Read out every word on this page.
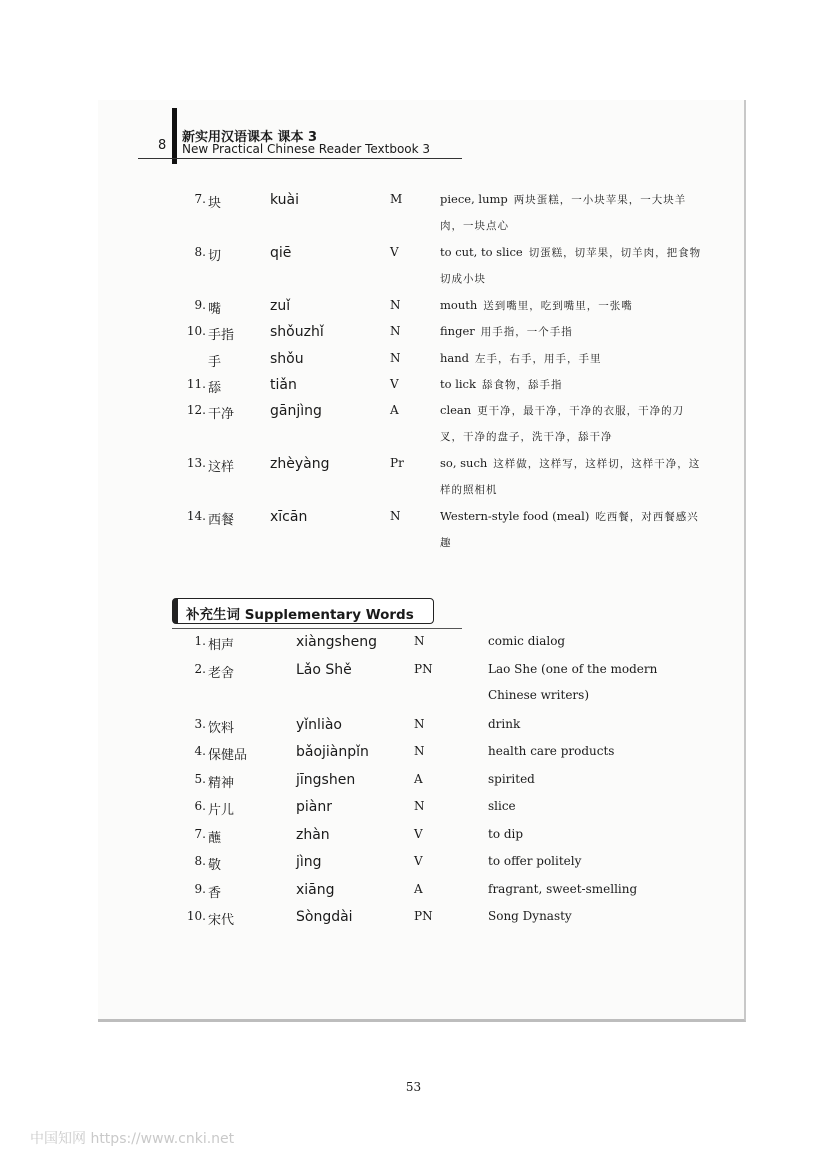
8
新实用汉语课本 课本 3
New Practical Chinese Reader Textbook 3
7. 块	kuài	M	piece, lump 两块蛋糕，一小块苹果，一大块羊肉，一块点心
8. 切	qiē	V	to cut, to slice 切蛋糕，切苹果，切羊肉，把食物切成小块
9. 嘴	zuǐ	N	mouth 送到嘴里，吃到嘴里，一张嘴
10. 手指	shǒuzhǐ	N	finger 用手指，一个手指
手	shǒu	N	hand 左手，右手，用手，手里
11. 舔	tiǎn	V	to lick 舔食物，舔手指
12. 干净	gānjìng	A	clean 更干净，最干净，干净的衣服，干净的刀叉，干净的盘子，洗干净，舔干净
13. 这样	zhèyàng	Pr	so, such 这样做，这样写，这样切，这样干净，这样的照相机
14. 西餐	xīcān	N	Western-style food (meal) 吃西餐，对西餐感兴趣
补充生词 Supplementary Words
1. 相声	xiàngsheng	N	comic dialog
2. 老舍	Lǎo Shě	PN	Lao She (one of the modern Chinese writers)
3. 饮料	yǐnliào	N	drink
4. 保健品	bǎojiànpǐn	N	health care products
5. 精神	jīngshen	A	spirited
6. 片儿	piànr	N	slice
7. 蘸	zhàn	V	to dip
8. 敬	jìng	V	to offer politely
9. 香	xiāng	A	fragrant, sweet-smelling
10. 宋代	Sòngdài	PN	Song Dynasty
53
中国知网 https://www.cnki.net
